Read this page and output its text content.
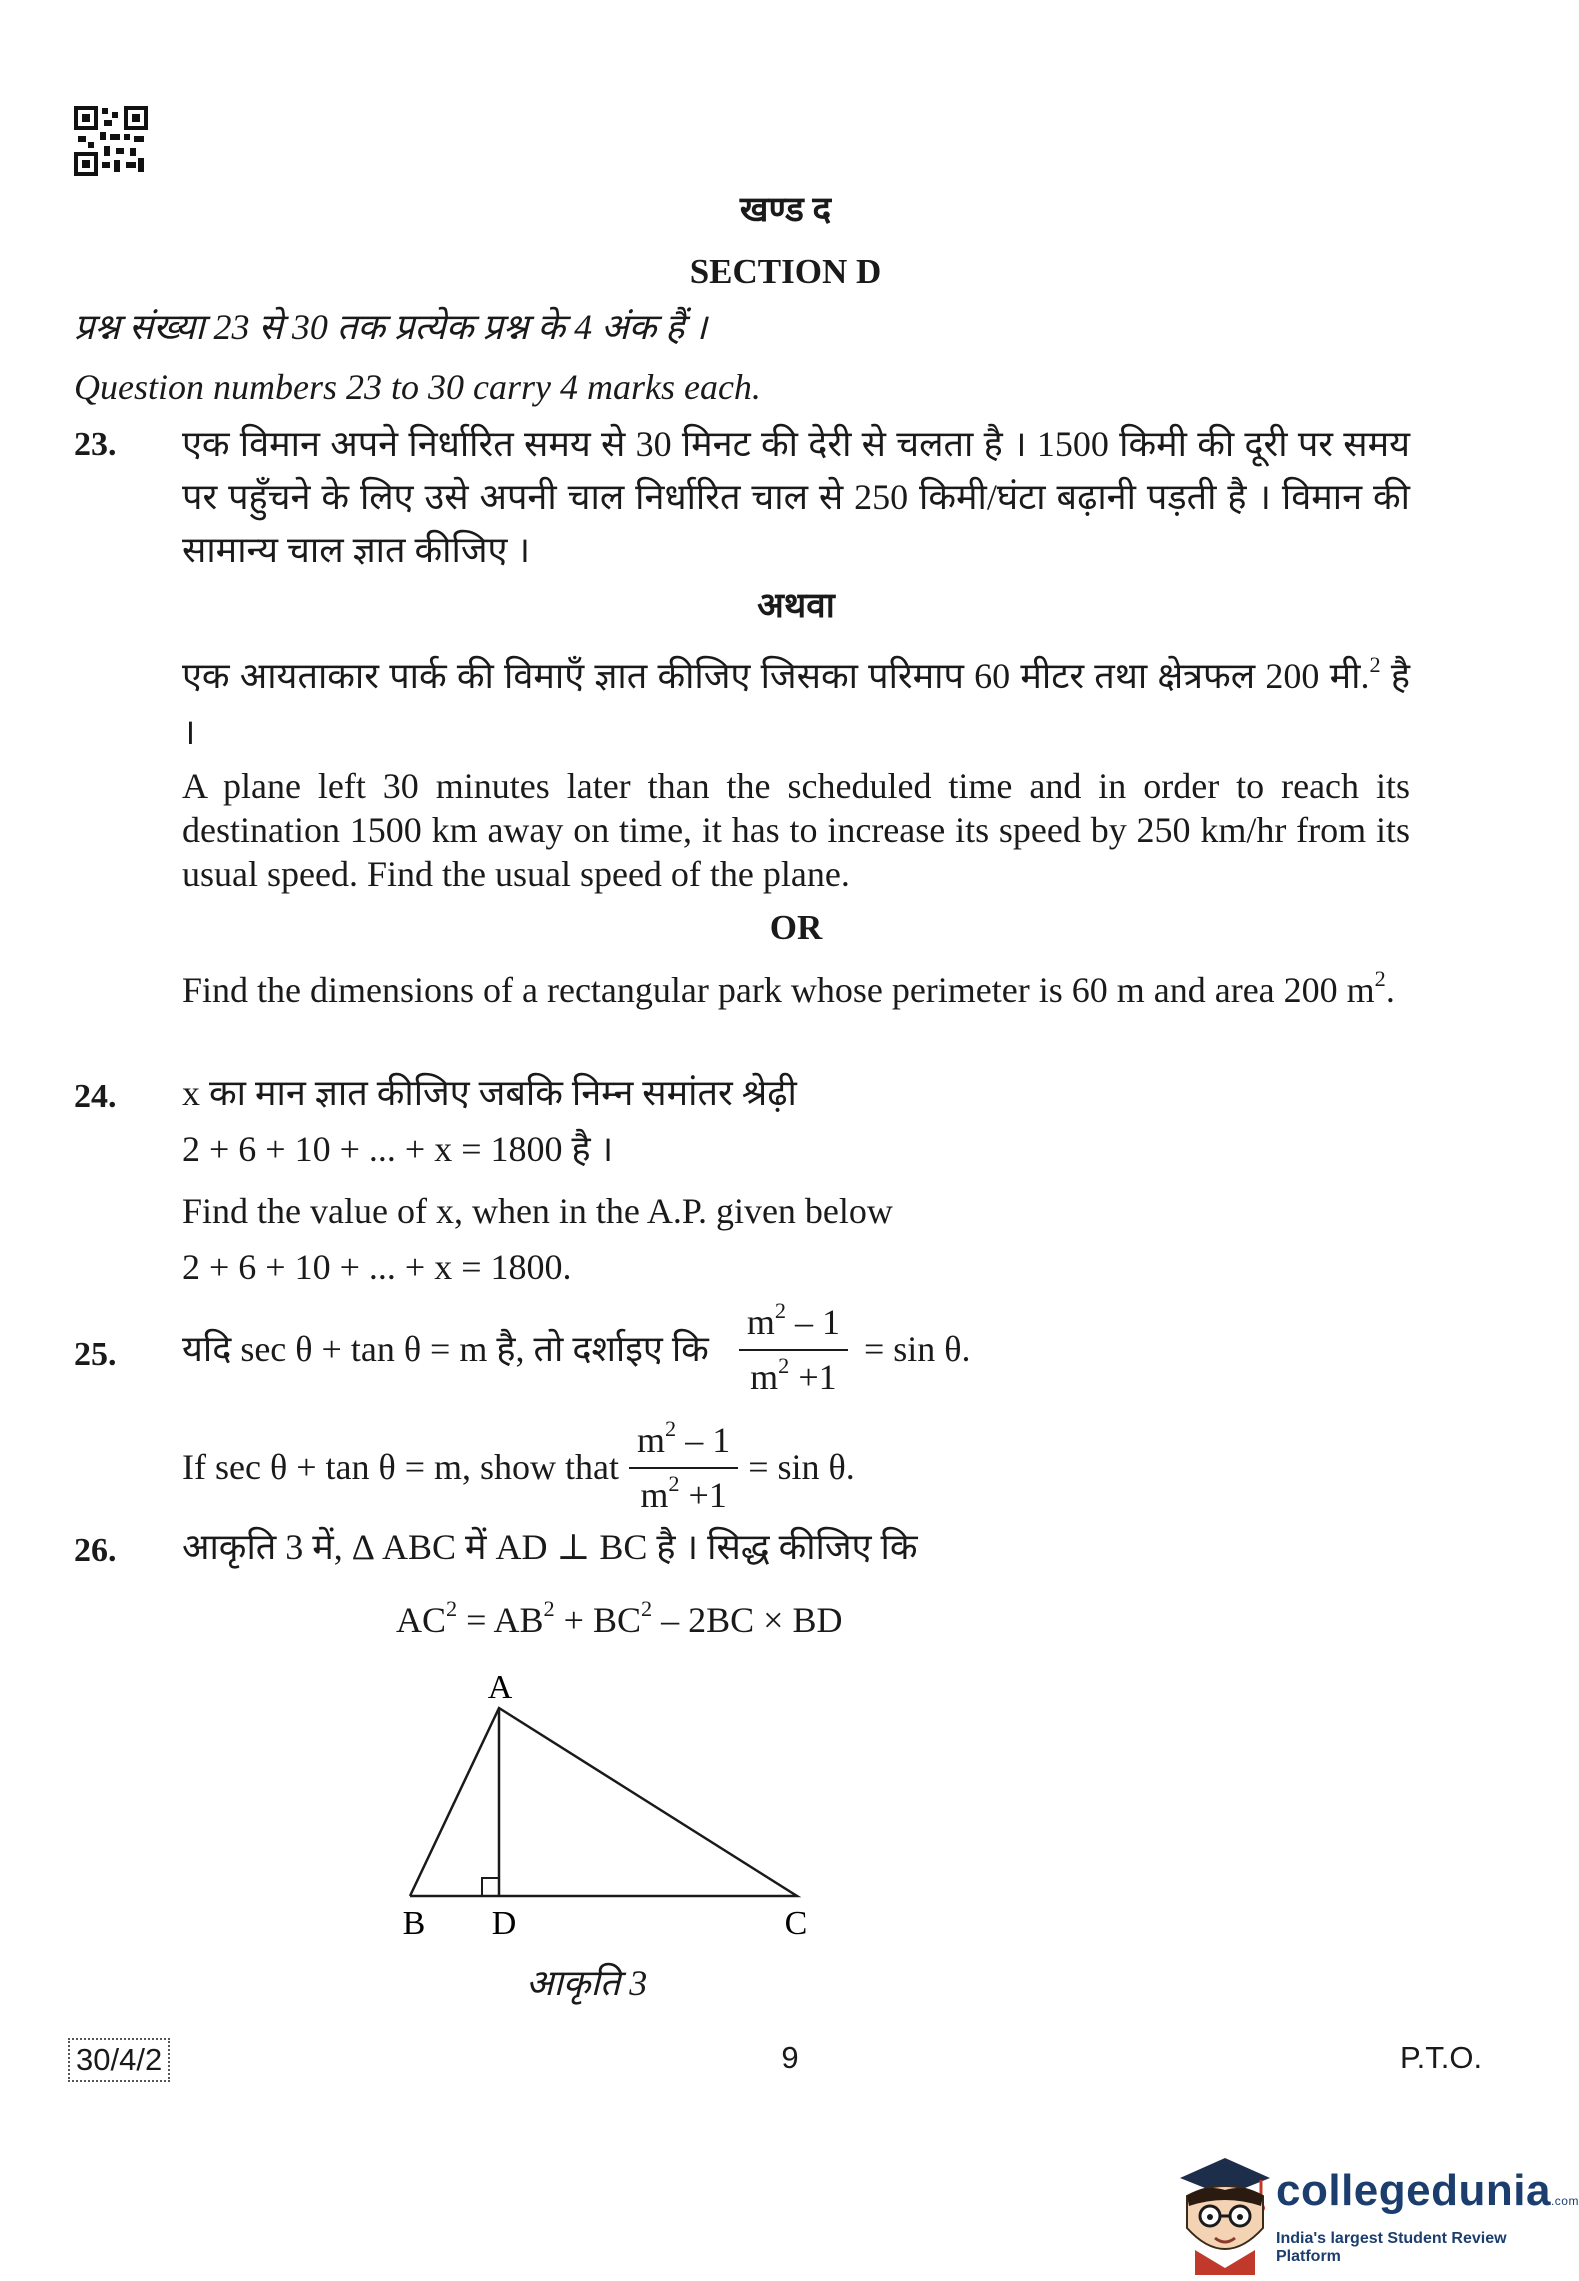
खण्ड द
SECTION D
प्रश्न संख्या 23 से 30 तक प्रत्येक प्रश्न के 4 अंक हैं ।
Question numbers 23 to 30 carry 4 marks each.
23. एक विमान अपने निर्धारित समय से 30 मिनट की देरी से चलता है । 1500 किमी की दूरी पर समय पर पहुँचने के लिए उसे अपनी चाल निर्धारित चाल से 250 किमी/घंटा बढ़ानी पड़ती है । विमान की सामान्य चाल ज्ञात कीजिए ।
अथवा
एक आयताकार पार्क की विमाएँ ज्ञात कीजिए जिसका परिमाप 60 मीटर तथा क्षेत्रफल 200 मी.$^2$ है ।
A plane left 30 minutes later than the scheduled time and in order to reach its destination 1500 km away on time, it has to increase its speed by 250 km/hr from its usual speed. Find the usual speed of the plane.
OR
Find the dimensions of a rectangular park whose perimeter is 60 m and area 200 $m^2$.
24. x का मान ज्ञात कीजिए जबकि निम्न समांतर श्रेढ़ी
2 + 6 + 10 + ... + x = 1800 है ।
Find the value of x, when in the A.P. given below
2 + 6 + 10 + ... + x = 1800.
25. यदि sec θ + tan θ = m है, तो दर्शाइए कि $\frac{m^2 - 1}{m^2 +1} = \sin \theta$.
If sec θ + tan θ = m, show that $\frac{m^2 - 1}{m^2 +1} = \sin \theta$.
26. आकृति 3 में, Δ ABC में AD ⊥ BC है । सिद्ध कीजिए कि
$AC^2 = AB^2 + BC^2 - 2BC$ × BD
A
B D	C
आकृति 3
30/4/2	9	P.T.O.
collegedunia.com
India's largest Student Review Platform
